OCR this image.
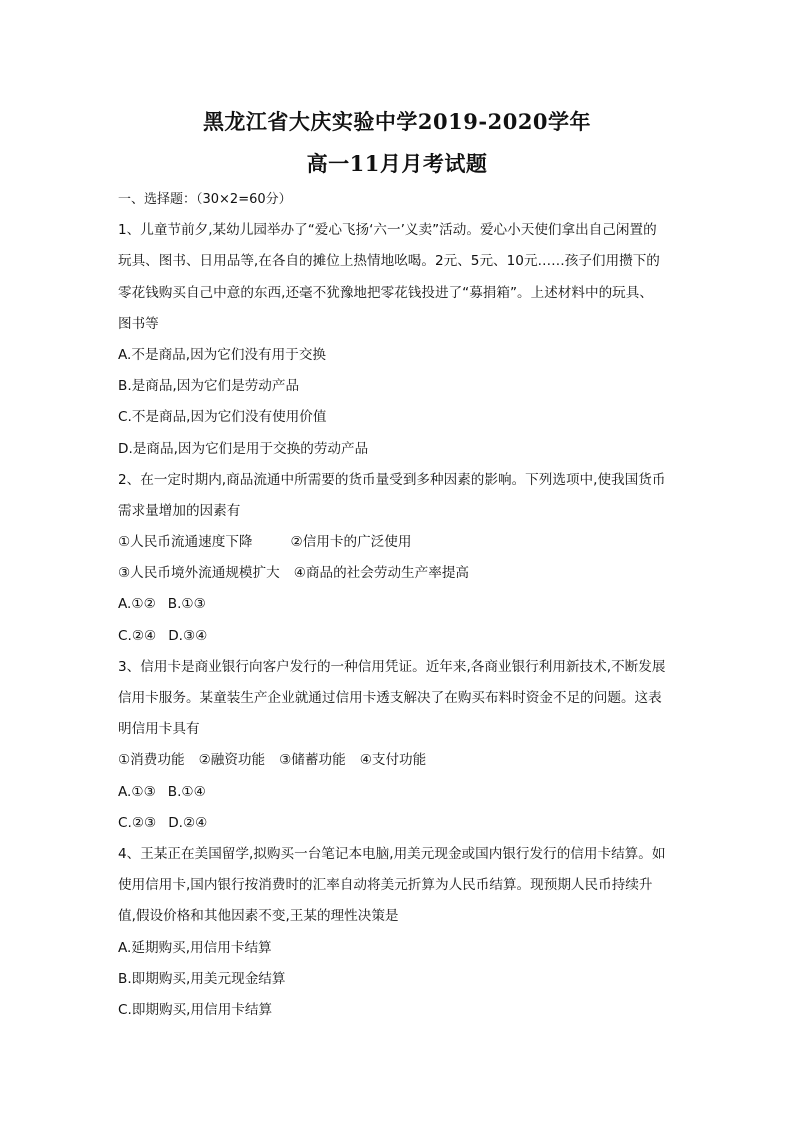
黑龙江省大庆实验中学2019-2020学年
高一11月月考试题
一、选择题：（30×2=60分）
1、儿童节前夕,某幼儿园举办了“爱心飞扬‘六一’义卖”活动。爱心小天使们拿出自己闲置的
玩具、图书、日用品等,在各自的摊位上热情地吆喝。2元、5元、10元……孩子们用攒下的
零花钱购买自己中意的东西,还毫不犹豫地把零花钱投进了“募捐箱”。上述材料中的玩具、
图书等
A.不是商品,因为它们没有用于交换
B.是商品,因为它们是劳动产品
C.不是商品,因为它们没有使用价值
D.是商品,因为它们是用于交换的劳动产品
2、在一定时期内,商品流通中所需要的货币量受到多种因素的影响。下列选项中,使我国货币
需求量增加的因素有
①人民币流通速度下降	②信用卡的广泛使用
③人民币境外流通规模扩大 ④商品的社会劳动生产率提高
A.①② B.①③
C.②④ D.③④
3、信用卡是商业银行向客户发行的一种信用凭证。近年来,各商业银行利用新技术,不断发展
信用卡服务。某童装生产企业就通过信用卡透支解决了在购买布料时资金不足的问题。这表
明信用卡具有
①消费功能 ②融资功能 ③储蓄功能 ④支付功能
A.①③ B.①④
C.②③ D.②④
4、王某正在美国留学,拟购买一台笔记本电脑,用美元现金或国内银行发行的信用卡结算。如
使用信用卡,国内银行按消费时的汇率自动将美元折算为人民币结算。现预期人民币持续升
值,假设价格和其他因素不变,王某的理性决策是
A.延期购买,用信用卡结算
B.即期购买,用美元现金结算
C.即期购买,用信用卡结算
